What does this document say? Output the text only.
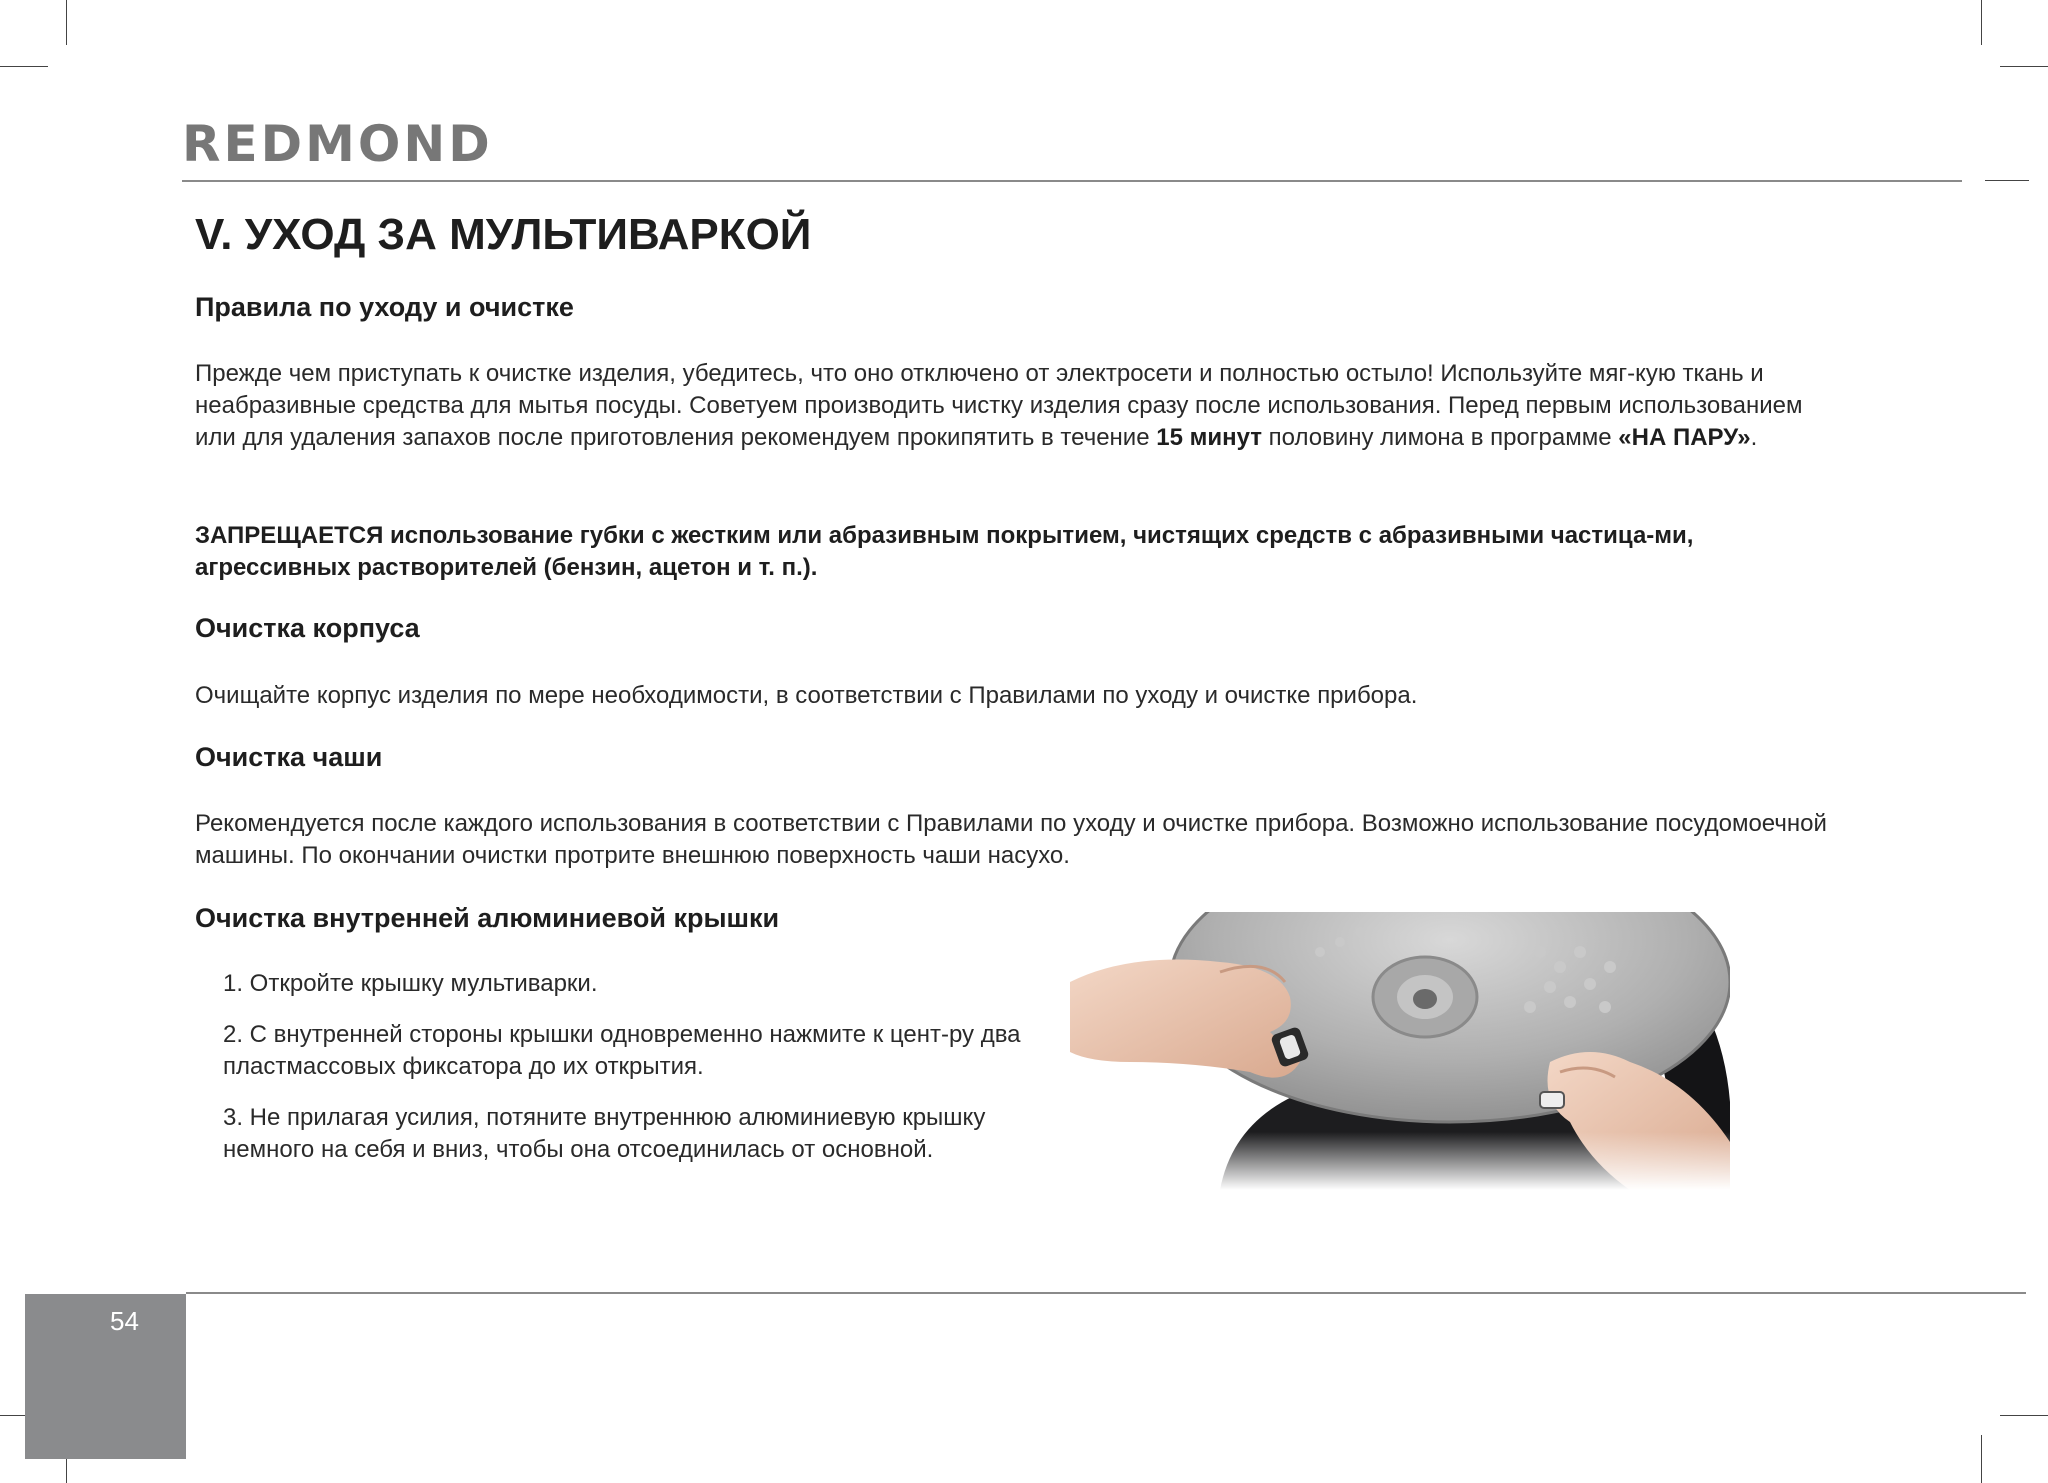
REDMOND
V. УХОД ЗА МУЛЬТИВАРКОЙ
Правила по уходу и очистке

Прежде чем приступать к очистке изделия, убедитесь, что оно отключено от электросети и полностью остыло! Используйте мяг-кую ткань и неабразивные средства для мытья посуды. Советуем производить чистку изделия сразу после использования. Перед первым использованием или для удаления запахов после приготовления рекомендуем прокипятить в течение 15 минут половину лимона в программе «НА ПАРУ».

ЗАПРЕЩАЕТСЯ использование губки с жестким или абразивным покрытием, чистящих средств с абразивными частица-ми, агрессивных растворителей (бензин, ацетон и т. п.).

Очистка корпуса

Очищайте корпус изделия по мере необходимости, в соответствии с Правилами по уходу и очистке прибора.

Очистка чаши

Рекомендуется после каждого использования в соответствии с Правилами по уходу и очистке прибора. Возможно использование посудомоечной машины. По окончании очистки протрите внешнюю поверхность чаши насухо.

Очистка внутренней алюминиевой крышки
1. Откройте крышку мультиварки.
2. С внутренней стороны крышки одновременно нажмите к цент-ру два пластмассовых фиксатора до их открытия.
3. Не прилагая усилия, потяните внутреннюю алюминиевую крышку немного на себя и вниз, чтобы она отсоединилась от основной.
54
